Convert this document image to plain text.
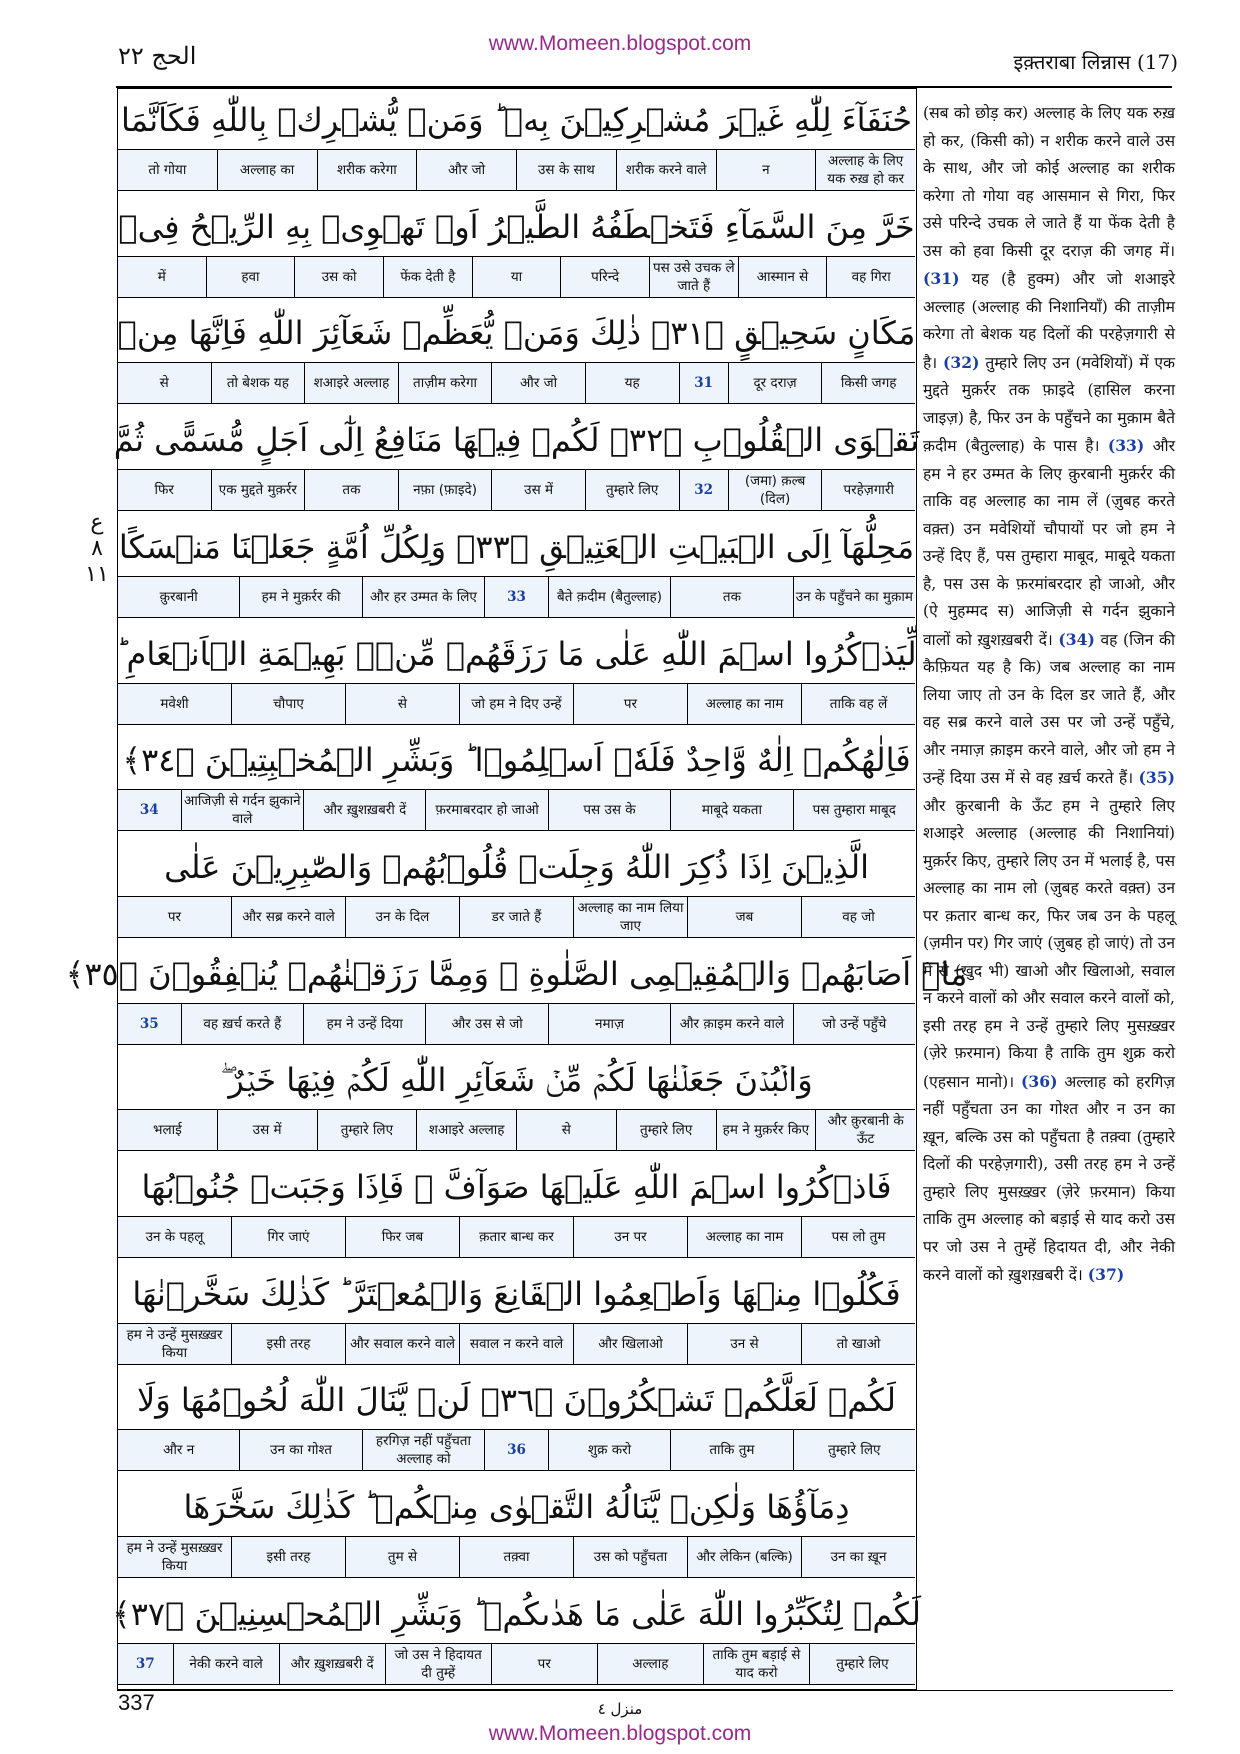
www.Momeen.blogspot.com
الحج ٢٢	इक़्तराबा लिन्नास (17)
ع
٨
١١
حُنَفَآءَ لِلّٰهِ غَيۡرَ مُشۡرِكِيۡنَ بِهٖ ؕ وَمَنۡ يُّشۡرِكۡ بِاللّٰهِ فَكَاَنَّمَا
अल्लाह के लिए यक रुख़ हो कर
न
शरीक करने वाले
उस के साथ
और जो
शरीक करेगा
अल्लाह का
तो गोया
خَرَّ مِنَ السَّمَآءِ فَتَخۡطَفُهُ الطَّيۡرُ اَوۡ تَهۡوِىۡ بِهِ الرِّيۡحُ فِىۡ
वह गिरा
आस्मान से
पस उसे उचक ले जाते हैं
परिन्दे
या
फेंक देती है
उस को
हवा
में
مَكَانٍ سَحِيۡقٍ ﴿٣١﴾ ذٰلِكَ وَمَنۡ يُّعَظِّمۡ شَعَآئِرَ اللّٰهِ فَاِنَّهَا مِنۡ
किसी जगह
दूर दराज़
31
यह
और जो
ताज़ीम करेगा
शआइरे अल्लाह
तो बेशक यह
से
تَقۡوَى الۡقُلُوۡبِ ﴿٣٢﴾ لَكُمۡ فِيۡهَا مَنَافِعُ اِلٰٓى اَجَلٍ مُّسَمًّى ثُمَّ
परहेज़गारी
(जमा) क़ल्ब (दिल)
32
तुम्हारे लिए
उस में
नफ़ा (फ़ाइदे)
तक
एक मुद्दते मुक़र्रर
फिर
مَحِلُّهَآ اِلَى الۡبَيۡتِ الۡعَتِيۡقِ ﴿٣٣﴾ وَلِكُلِّ اُمَّةٍ جَعَلۡنَا مَنۡسَكًا
उन के पहुँचने का मुक़ाम
तक
बैते क़दीम (बैतुल्लाह)
33
और हर उम्मत के लिए
हम ने मुक़र्रर की
क़ुरबानी
لِّيَذۡكُرُوا اسۡمَ اللّٰهِ عَلٰى مَا رَزَقَهُمۡ مِّنۡۢ بَهِيۡمَةِ الۡاَنۡعَامِ ؕ
ताकि वह लें
अल्लाह का नाम
पर
जो हम ने दिए उन्हें
से
चौपाए
मवेशी
فَاِلٰهُكُمۡ اِلٰهٌ وَّاحِدٌ فَلَهٗۤ اَسۡلِمُوۡا ؕ وَبَشِّرِ الۡمُخۡبِتِيۡنَ ﴿٣٤﴾
पस तुम्हारा माबूद
माबूदे यकता
पस उस के
फ़रमाबरदार हो जाओ
और ख़ुशख़बरी दें
आजिज़ी से गर्दन झुकाने वाले
34
الَّذِيۡنَ اِذَا ذُكِرَ اللّٰهُ وَجِلَتۡ قُلُوۡبُهُمۡ وَالصّٰبِرِيۡنَ عَلٰى
वह जो
जब
अल्लाह का नाम लिया जाए
डर जाते हैं
उन के दिल
और सब्र करने वाले
पर
مَاۤ اَصَابَهُمۡ وَالۡمُقِيۡمِى الصَّلٰوةِ ۙ وَمِمَّا رَزَقۡنٰهُمۡ يُنۡفِقُوۡنَ ﴿٣٥﴾
जो उन्हें पहुँचे
और क़ाइम करने वाले
नमाज़
और उस से जो
हम ने उन्हें दिया
वह ख़र्च करते हैं
35
وَالۡبُدۡنَ جَعَلۡنٰهَا لَكُمۡ مِّنۡ شَعَآئِرِ اللّٰهِ لَكُمۡ فِيۡهَا خَيۡرٌ ۖ
और क़ुरबानी के ऊँट
हम ने मुक़र्रर किए
तुम्हारे लिए
से
शआइरे अल्लाह
तुम्हारे लिए
उस में
भलाई
فَاذۡكُرُوا اسۡمَ اللّٰهِ عَلَيۡهَا صَوَآفَّ ۚ فَاِذَا وَجَبَتۡ جُنُوۡبُهَا
पस लो तुम
अल्लाह का नाम
उन पर
क़तार बान्ध कर
फिर जब
गिर जाएं
उन के पहलू
فَكُلُوۡا مِنۡهَا وَاَطۡعِمُوا الۡقَانِعَ وَالۡمُعۡتَرَّ ؕ كَذٰلِكَ سَخَّرۡنٰهَا
तो खाओ
उन से
और खिलाओ
सवाल न करने वाले
और सवाल करने वाले
इसी तरह
हम ने उन्हें मुसख़्ख़र किया
لَكُمۡ لَعَلَّكُمۡ تَشۡكُرُوۡنَ ﴿٣٦﴾ لَنۡ يَّنَالَ اللّٰهَ لُحُوۡمُهَا وَلَا
तुम्हारे लिए
ताकि तुम
शुक्र करो
36
हरगिज़ नहीं पहुँचता अल्लाह को
उन का गोश्त
और न
دِمَآؤُهَا وَلٰكِنۡ يَّنَالُهُ التَّقۡوٰى مِنۡكُمۡ ؕ كَذٰلِكَ سَخَّرَهَا
उन का ख़ून
और लेकिन (बल्कि)
उस को पहुँचता
तक़्वा
तुम से
इसी तरह
हम ने उन्हें मुसख़्ख़र किया
لَكُمۡ لِتُكَبِّرُوا اللّٰهَ عَلٰى مَا هَدٰٮكُمۡ ؕ وَبَشِّرِ الۡمُحۡسِنِيۡنَ ﴿٣٧﴾
तुम्हारे लिए
ताकि तुम बड़ाई से याद करो
अल्लाह
पर
जो उस ने हिदायत दी तुम्हें
और ख़ुशख़बरी दें
नेकी करने वाले
37
(सब को छोड़ कर) अल्लाह के लिए यक रुख़ हो कर, (किसी को) न शरीक करने वाले उस के साथ, और जो कोई अल्लाह का शरीक करेगा तो गोया वह आसमान से गिरा, फिर उसे परिन्दे उचक ले जाते हैं या फेंक देती है उस को हवा किसी दूर दराज़ की जगह में। (31) यह (है हुक्म) और जो शआइरे अल्लाह (अल्लाह की निशानियाँ) की ताज़ीम करेगा तो बेशक यह दिलों की परहेज़गारी से है। (32) तुम्हारे लिए उन (मवेशियों) में एक मुद्दते मुक़र्रर तक फ़ाइदे (हासिल करना जाइज़) है, फिर उन के पहुँचने का मुक़ाम बैते क़दीम (बैतुल्लाह) के पास है। (33) और हम ने हर उम्मत के लिए क़ुरबानी मुक़र्रर की ताकि वह अल्लाह का नाम लें (ज़ुबह करते वक़्त) उन मवेशियों चौपायों पर जो हम ने उन्हें दिए हैं, पस तुम्हारा माबूद, माबूदे यकता है, पस उस के फ़रमांबरदार हो जाओ, और (ऐ मुहम्मद स) आजिज़ी से गर्दन झुकाने वालों को ख़ुशख़बरी दें। (34) वह (जिन की कैफ़ियत यह है कि) जब अल्लाह का नाम लिया जाए तो उन के दिल डर जाते हैं, और वह सब्र करने वाले उस पर जो उन्हें पहुँचे, और नमाज़ क़ाइम करने वाले, और जो हम ने उन्हें दिया उस में से वह ख़र्च करते हैं। (35) और क़ुरबानी के ऊँट हम ने तुम्हारे लिए शआइरे अल्लाह (अल्लाह की निशानियां) मुक़र्रर किए, तुम्हारे लिए उन में भलाई है, पस अल्लाह का नाम लो (ज़ुबह करते वक़्त) उन पर क़तार बान्ध कर, फिर जब उन के पहलू (ज़मीन पर) गिर जाएं (ज़ुबह हो जाएं) तो उन में से (ख़ुद भी) खाओ और खिलाओ, सवाल न करने वालों को और सवाल करने वालों को, इसी तरह हम ने उन्हें तुम्हारे लिए मुसख़्ख़र (ज़ेरे फ़रमान) किया है ताकि तुम शुक्र करो (एहसान मानो)। (36) अल्लाह को हरगिज़ नहीं पहुँचता उन का गोश्त और न उन का ख़ून, बल्कि उस को पहुँचता है तक़्वा (तुम्हारे दिलों की परहेज़गारी), उसी तरह हम ने उन्हें तुम्हारे लिए मुसख़्ख़र (ज़ेरे फ़रमान) किया ताकि तुम अल्लाह को बड़ाई से याद करो उस पर जो उस ने तुम्हें हिदायत दी, और नेकी करने वालों को ख़ुशख़बरी दें। (37)
337	منزل ٤
www.Momeen.blogspot.com
